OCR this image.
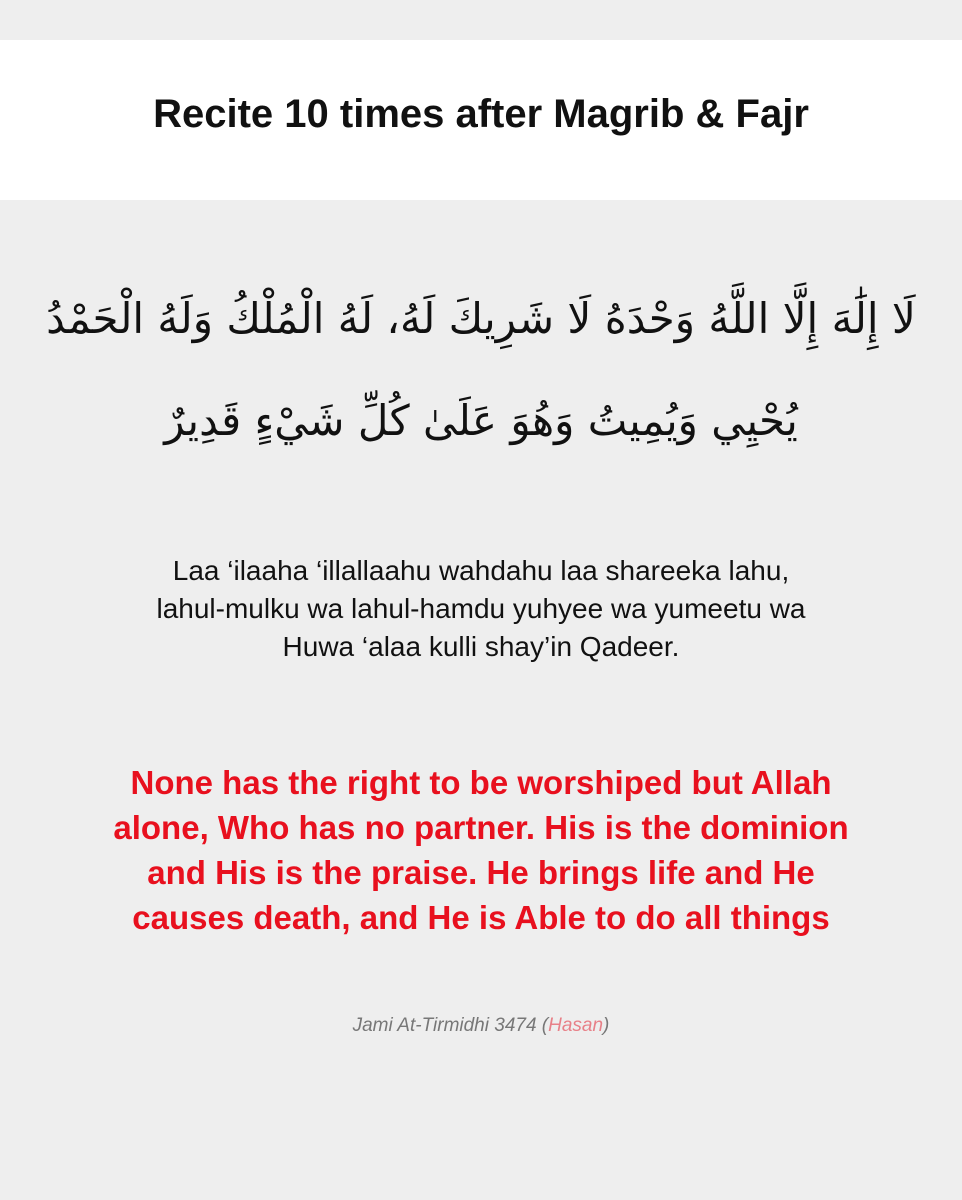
Recite 10 times after Magrib & Fajr
لَا إِلَٰهَ إِلَّا اللَّهُ وَحْدَهُ لَا شَرِيكَ لَهُ، لَهُ الْمُلْكُ وَلَهُ الْحَمْدُ
يُحْيِي وَيُمِيتُ وَهُوَ عَلَىٰ كُلِّ شَيْءٍ قَدِيرٌ
Laa ‘ilaaha ‘illallaahu wahdahu laa shareeka lahu,
lahul-mulku wa lahul-hamdu yuhyee wa yumeetu wa
Huwa ‘alaa kulli shay’in Qadeer.
None has the right to be worshiped but Allah
alone, Who has no partner. His is the dominion
and His is the praise. He brings life and He
causes death, and He is Able to do all things
Jami At-Tirmidhi 3474 (Hasan)
